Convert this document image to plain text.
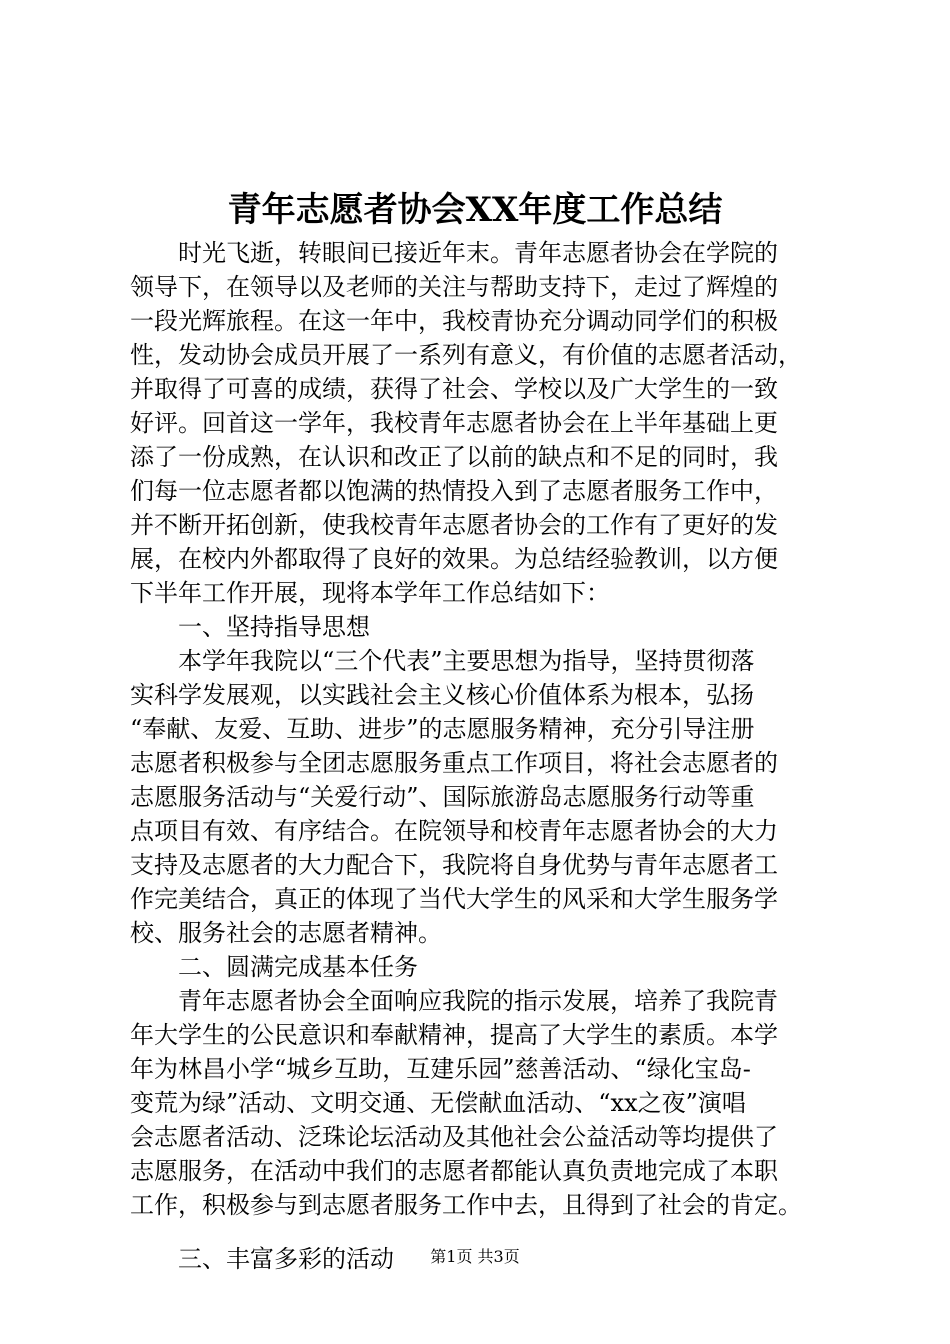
青年志愿者协会XX年度工作总结
　　时光飞逝，转眼间已接近年末。青年志愿者协会在学院的
领导下，在领导以及老师的关注与帮助支持下，走过了辉煌的
一段光辉旅程。在这一年中，我校青协充分调动同学们的积极
性，发动协会成员开展了一系列有意义，有价值的志愿者活动，
并取得了可喜的成绩，获得了社会、学校以及广大学生的一致
好评。回首这一学年，我校青年志愿者协会在上半年基础上更
添了一份成熟，在认识和改正了以前的缺点和不足的同时，我
们每一位志愿者都以饱满的热情投入到了志愿者服务工作中，
并不断开拓创新，使我校青年志愿者协会的工作有了更好的发
展，在校内外都取得了良好的效果。为总结经验教训，以方便
下半年工作开展，现将本学年工作总结如下：
　　一、坚持指导思想
　　本学年我院以“三个代表”主要思想为指导，坚持贯彻落
实科学发展观，以实践社会主义核心价值体系为根本，弘扬
“奉献、友爱、互助、进步”的志愿服务精神，充分引导注册
志愿者积极参与全团志愿服务重点工作项目，将社会志愿者的
志愿服务活动与“关爱行动”、国际旅游岛志愿服务行动等重
点项目有效、有序结合。在院领导和校青年志愿者协会的大力
支持及志愿者的大力配合下，我院将自身优势与青年志愿者工
作完美结合，真正的体现了当代大学生的风采和大学生服务学
校、服务社会的志愿者精神。
　　二、圆满完成基本任务
　　青年志愿者协会全面响应我院的指示发展，培养了我院青
年大学生的公民意识和奉献精神，提高了大学生的素质。本学
年为林昌小学“城乡互助，互建乐园”慈善活动、“绿化宝岛-
变荒为绿”活动、文明交通、无偿献血活动、“xx之夜”演唱
会志愿者活动、泛珠论坛活动及其他社会公益活动等均提供了
志愿服务，在活动中我们的志愿者都能认真负责地完成了本职
工作，积极参与到志愿者服务工作中去，且得到了社会的肯定。
　　三、丰富多彩的活动	第1页 共3页
